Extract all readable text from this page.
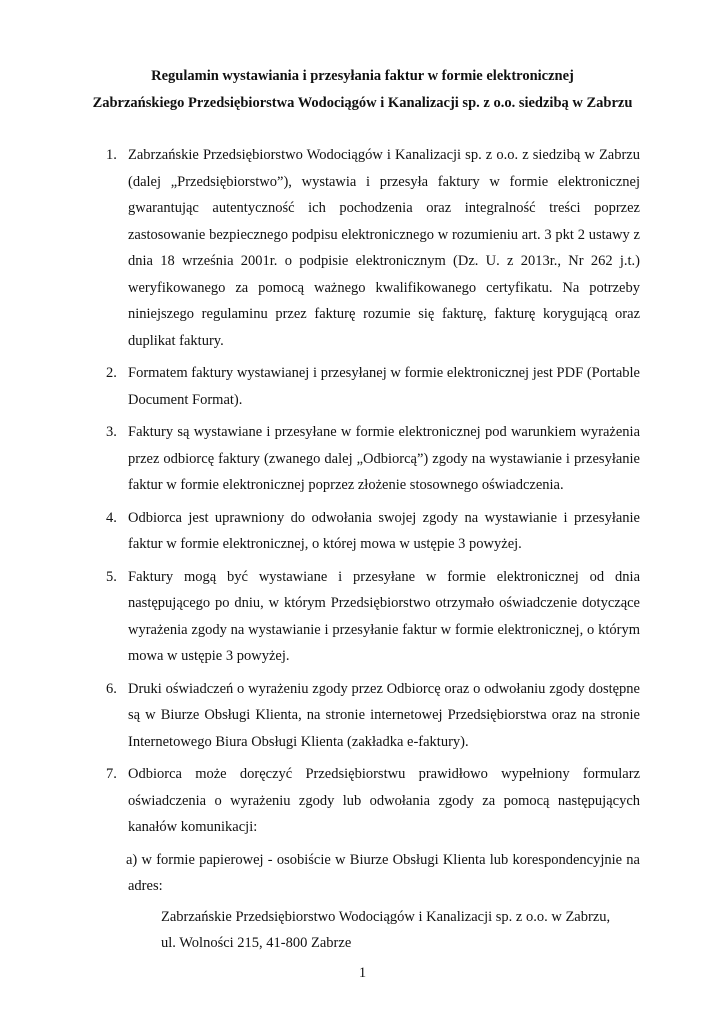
Regulamin wystawiania i przesyłania faktur w formie elektronicznej
Zabrzańskiego Przedsiębiorstwa Wodociągów i Kanalizacji sp. z o.o. siedzibą w Zabrzu
1. Zabrzańskie Przedsiębiorstwo Wodociągów i Kanalizacji sp. z o.o. z siedzibą w Zabrzu (dalej „Przedsiębiorstwo”), wystawia i przesyła faktury w formie elektronicznej gwarantując autentyczność ich pochodzenia oraz integralność treści poprzez zastosowanie bezpiecznego podpisu elektronicznego w rozumieniu art. 3 pkt 2 ustawy z dnia 18 września 2001r. o podpisie elektronicznym (Dz. U. z 2013r., Nr 262 j.t.) weryfikowanego za pomocą ważnego kwalifikowanego certyfikatu. Na potrzeby niniejszego regulaminu przez fakturę rozumie się fakturę, fakturę korygującą oraz duplikat faktury.
2. Formatem faktury wystawianej i przesyłanej w formie elektronicznej jest PDF (Portable Document Format).
3. Faktury są wystawiane i przesyłane w formie elektronicznej pod warunkiem wyrażenia przez odbiorcę faktury (zwanego dalej „Odbiorcą”) zgody na wystawianie i przesyłanie faktur w formie elektronicznej poprzez złożenie stosownego oświadczenia.
4. Odbiorca jest uprawniony do odwołania swojej zgody na wystawianie i przesyłanie faktur w formie elektronicznej, o której mowa w ustępie 3 powyżej.
5. Faktury mogą być wystawiane i przesyłane w formie elektronicznej od dnia następującego po dniu, w którym Przedsiębiorstwo otrzymało oświadczenie dotyczące wyrażenia zgody na wystawianie i przesyłanie faktur w formie elektronicznej, o którym mowa w ustępie 3 powyżej.
6. Druki oświadczeń o wyrażeniu zgody przez Odbiorcę oraz o odwołaniu zgody dostępne są w Biurze Obsługi Klienta, na stronie internetowej Przedsiębiorstwa oraz na stronie Internetowego Biura Obsługi Klienta (zakładka e-faktury).
7. Odbiorca może doręczyć Przedsiębiorstwu prawidłowo wypełniony formularz oświadczenia o wyrażeniu zgody lub odwołania zgody za pomocą następujących kanałów komunikacji:
a) w formie papierowej - osobiście w Biurze Obsługi Klienta lub korespondencyjnie na adres:
Zabrzańskie Przedsiębiorstwo Wodociągów i Kanalizacji sp. z o.o. w Zabrzu,
ul. Wolności 215, 41-800 Zabrze
1
